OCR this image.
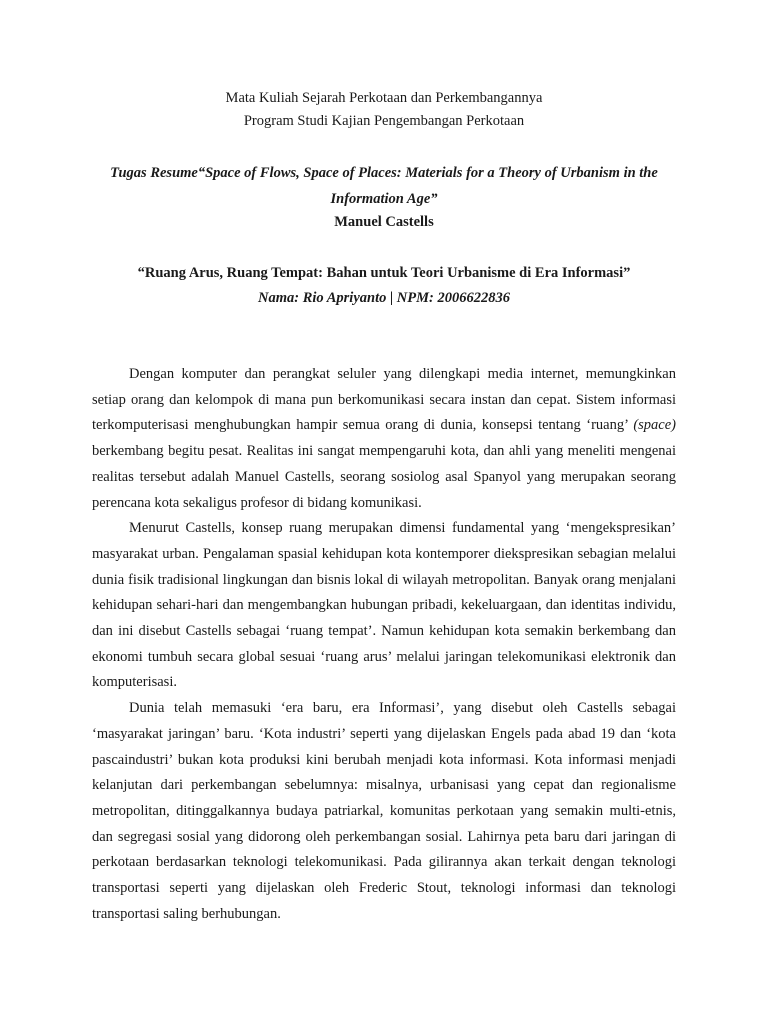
Mata Kuliah Sejarah Perkotaan dan Perkembangannya
Program Studi Kajian Pengembangan Perkotaan
Tugas Resume“Space of Flows, Space of Places: Materials for a Theory of Urbanism in the Information Age”
Manuel Castells
“Ruang Arus, Ruang Tempat: Bahan untuk Teori Urbanisme di Era Informasi”
Nama: Rio Apriyanto | NPM: 2006622836

Dengan komputer dan perangkat seluler yang dilengkapi media internet, memungkinkan setiap orang dan kelompok di mana pun berkomunikasi secara instan dan cepat. Sistem informasi terkomputerisasi menghubungkan hampir semua orang di dunia, konsepsi tentang ‘ruang’ (space) berkembang begitu pesat. Realitas ini sangat mempengaruhi kota, dan ahli yang meneliti mengenai realitas tersebut adalah Manuel Castells, seorang sosiolog asal Spanyol yang merupakan seorang perencana kota sekaligus profesor di bidang komunikasi.

Menurut Castells, konsep ruang merupakan dimensi fundamental yang ‘mengekspresikan’ masyarakat urban. Pengalaman spasial kehidupan kota kontemporer diekspresikan sebagian melalui dunia fisik tradisional lingkungan dan bisnis lokal di wilayah metropolitan. Banyak orang menjalani kehidupan sehari-hari dan mengembangkan hubungan pribadi, kekeluargaan, dan identitas individu, dan ini disebut Castells sebagai ‘ruang tempat’. Namun kehidupan kota semakin berkembang dan ekonomi tumbuh secara global sesuai ‘ruang arus’ melalui jaringan telekomunikasi elektronik dan komputerisasi.

Dunia telah memasuki ‘era baru, era Informasi’, yang disebut oleh Castells sebagai ‘masyarakat jaringan’ baru. ‘Kota industri’ seperti yang dijelaskan Engels pada abad 19 dan ‘kota pascaindustri’ bukan kota produksi kini berubah menjadi kota informasi. Kota informasi menjadi kelanjutan dari perkembangan sebelumnya: misalnya, urbanisasi yang cepat dan regionalisme metropolitan, ditinggalkannya budaya patriarkal, komunitas perkotaan yang semakin multi-etnis, dan segregasi sosial yang didorong oleh perkembangan sosial. Lahirnya peta baru dari jaringan di perkotaan berdasarkan teknologi telekomunikasi. Pada gilirannya akan terkait dengan teknologi transportasi seperti yang dijelaskan oleh Frederic Stout, teknologi informasi dan teknologi transportasi saling berhubungan.
